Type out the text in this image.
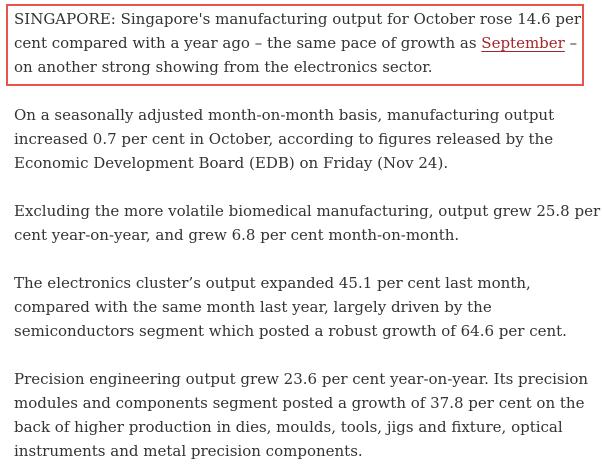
SINGAPORE: Singapore's manufacturing output for October rose 14.6 per cent compared with a year ago – the same pace of growth as September – on another strong showing from the electronics sector.

On a seasonally adjusted month-on-month basis, manufacturing output increased 0.7 per cent in October, according to figures released by the Economic Development Board (EDB) on Friday (Nov 24).

Excluding the more volatile biomedical manufacturing, output grew 25.8 per cent year-on-year, and grew 6.8 per cent month-on-month.

The electronics cluster’s output expanded 45.1 per cent last month, compared with the same month last year, largely driven by the semiconductors segment which posted a robust growth of 64.6 per cent.

Precision engineering output grew 23.6 per cent year-on-year. Its precision modules and components segment posted a growth of 37.8 per cent on the back of higher production in dies, moulds, tools, jigs and fixture, optical instruments and metal precision components.
